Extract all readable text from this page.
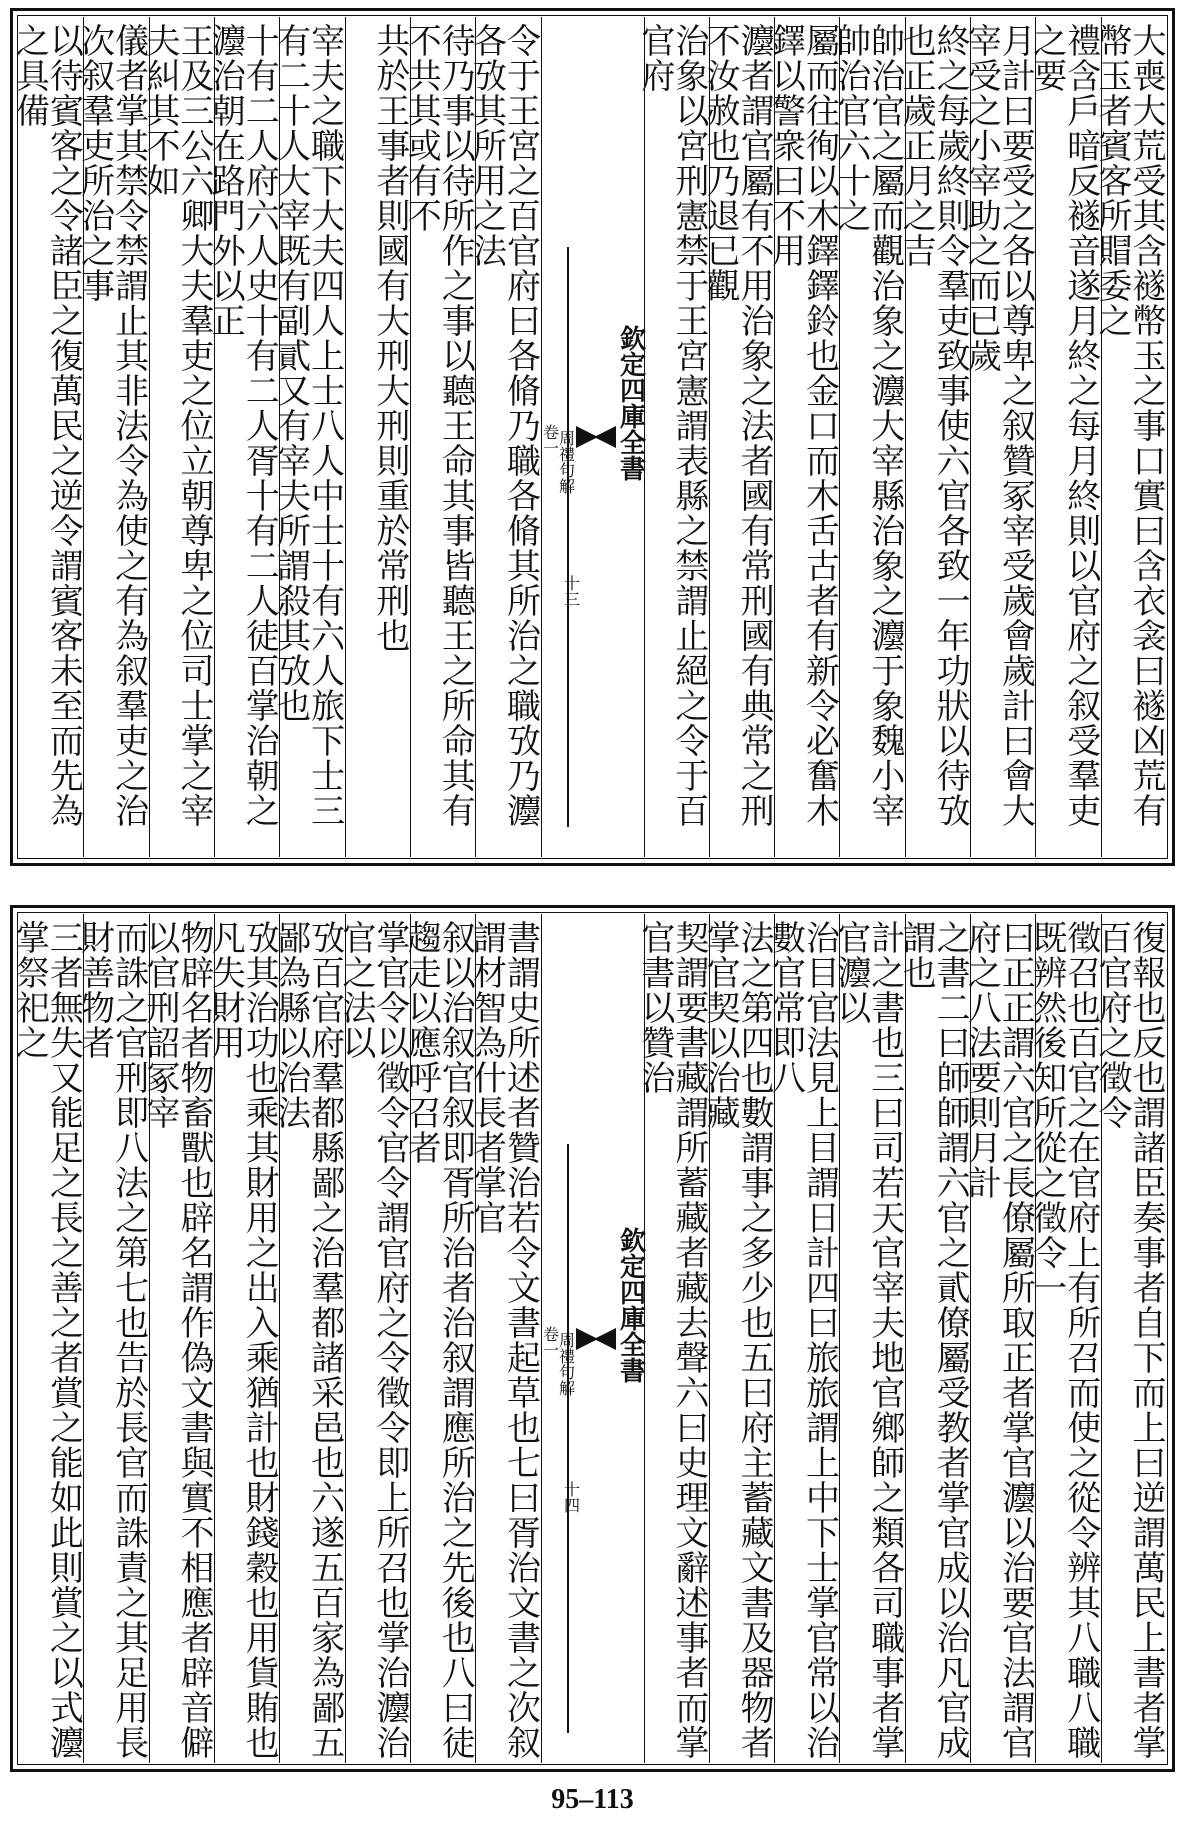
大喪大荒受其含襚幣玉之事口實曰含衣衾曰襚凶荒有幣玉者賓客所賵委之
禮含戶暗反襚音遂月終之每月終則以官府之叙受羣吏之要
月計曰要受之各以尊卑之叙贊冢宰受歲會歲計曰會大宰受之小宰助之而已歲
終之每歲終則令羣吏致事使六官各致一年功狀以待攷也正歲正月之吉
帥治官之屬而觀治象之灋大宰縣治象之灋于象魏小宰帥治官六十之
屬而往徇以木鐸鐸鈴也金口而木舌古者有新令必奮木鐸以警衆曰不用
灋者謂官屬有不用治象之法者國有常刑國有典常之刑不汝赦也乃退已觀
治象以宮刑憲禁于王宮憲謂表縣之禁謂止絕之令于百官府
欽定四庫全書
周禮句解
卷一
十三
令于王宮之百官府曰各脩乃職各脩其所治之職攷乃灋各攷其所用之法
待乃事以待所作之事以聽王命其事皆聽王之所命其有不共其或有不
共於王事者則國有大刑大刑則重於常刑也
宰夫之職下大夫四人上士八人中士十有六人旅下士三有二十人大宰既有副貳又有宰夫所謂殺其攷也
十有二人府六人史十有二人胥十有二人徒百掌治朝之灋治朝在路門外以正
王及三公六卿大夫羣吏之位立朝尊卑之位司士掌之宰夫糾其不如
儀者掌其禁令禁謂止其非法令為使之有為叙羣吏之治次叙羣吏所治之事
以待賓客之令諸臣之復萬民之逆令謂賓客未至而先為之具備
復報也反也謂諸臣奏事者自下而上曰逆謂萬民上書者掌百官府之徵令
徵召也百官之在官府上有所召而使之從令辨其八職八職既辨然後知所從之徵令一
曰正正謂六官之長僚屬所取正者掌官灋以治要官法謂官府之八法要則月計
之書二曰師師謂六官之貳僚屬受教者掌官成以治凡官成謂也
計之書也三曰司若天官宰夫地官鄉師之類各司職事者掌官灋以
治目官法見上目謂日計四曰旅旅謂上中下士掌官常以治數官常即八
法之第四也數謂事之多少也五曰府主蓄藏文書及器物者掌官契以治藏
契謂要書藏謂所蓄藏者藏去聲六曰史理文辭述事者而掌官書以贊治
欽定四庫全書
周禮句解
卷一
十四
書謂史所述者贊治若令文書起草也七曰胥治文書之次叙謂材智為什長者掌官
叙以治叙官叙即胥所治者治叙謂應所治之先後也八曰徒趨走以應呼召者
掌官令以徵令官令謂官府之令徵令即上所召也掌治灋治官之法以
攷百官府羣都縣鄙之治羣都諸采邑也六遂五百家為鄙五鄙為縣以治法
攷其治功也乘其財用之出入乘猶計也財錢穀也用貨賄也凡失財用
物辟名者物畜獸也辟名謂作偽文書與實不相應者辟音僻以官刑詔冢宰
而誅之官刑即八法之第七也告於長官而誅責之其足用長財善物者
三者無失又能足之長之善之者賞之能如此則賞之以式灋掌祭祀之
95–113
